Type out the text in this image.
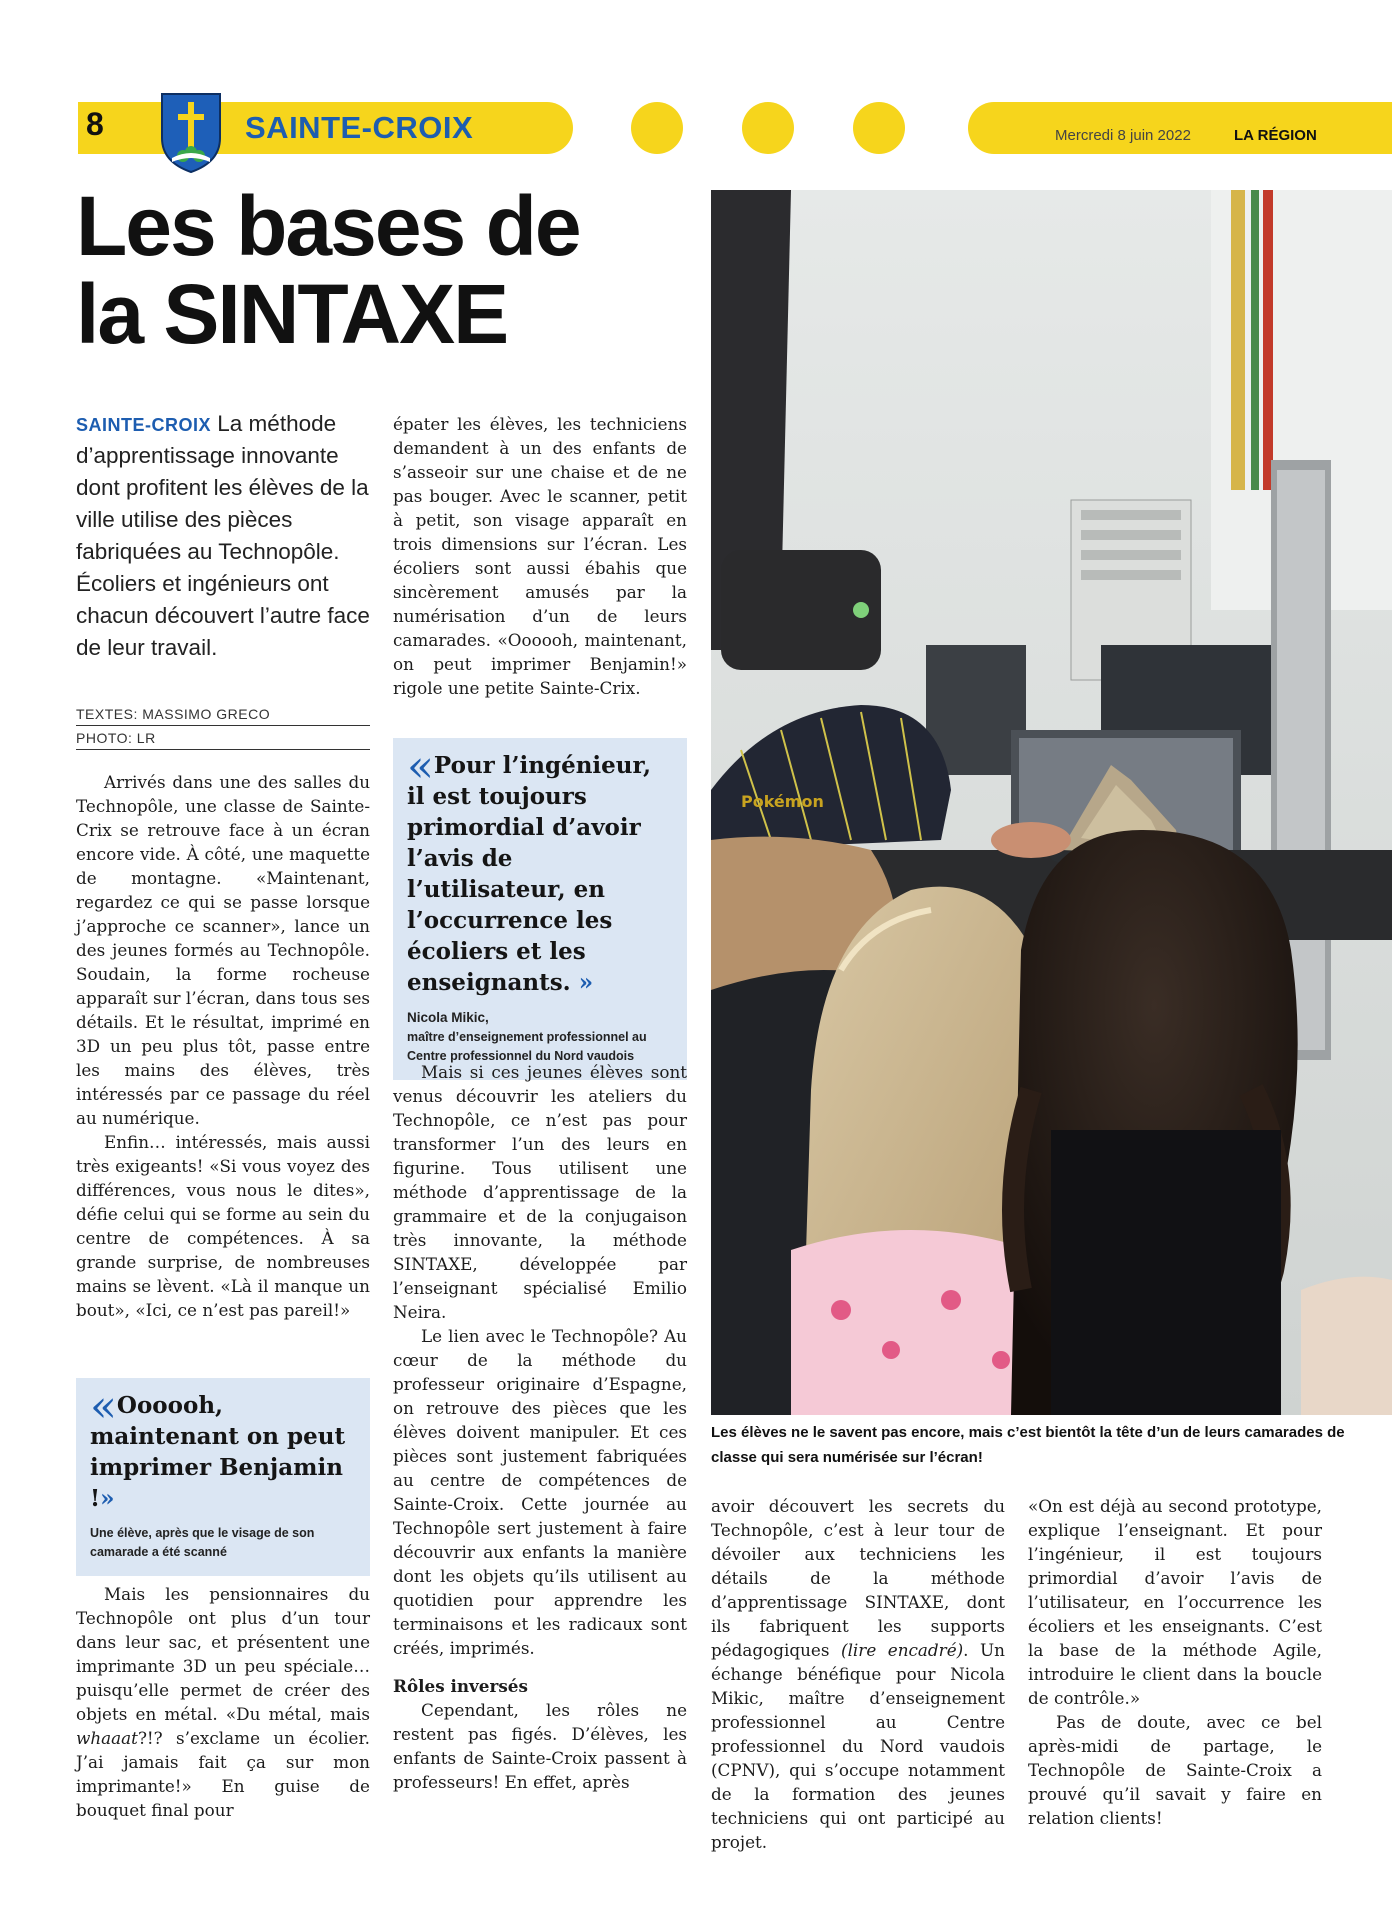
8	SAINTE-CROIX	Mercredi 8 juin 2022	LA RÉGION
Les bases de
la SINTAXE
SAINTE-CROIX La méthode d’apprentissage innovante dont profitent les élèves de la ville utilise des pièces fabriquées au Technopôle. Écoliers et ingénieurs ont chacun découvert l’autre face de leur travail.
TEXTES: MASSIMO GRECO
PHOTO: LR

Arrivés dans une des salles du Technopôle, une classe de Sainte-Crix se retrouve face à un écran encore vide. À côté, une maquette de montagne. «Maintenant, regardez ce qui se passe lorsque j’approche ce scanner», lance un des jeunes formés au Technopôle. Soudain, la forme rocheuse apparaît sur l’écran, dans tous ses détails. Et le résultat, imprimé en 3D un peu plus tôt, passe entre les mains des élèves, très intéressés par ce passage du réel au numérique.

Enfin… intéressés, mais aussi très exigeants! «Si vous voyez des différences, vous nous le dites», défie celui qui se forme au sein du centre de compétences. À sa grande surprise, de nombreuses mains se lèvent. «Là il manque un bout», «Ici, ce n’est pas pareil!»

«Oooooh, maintenant on peut imprimer Benjamin !»
Une élève, après que le visage de son camarade a été scanné

Mais les pensionnaires du Technopôle ont plus d’un tour dans leur sac, et présentent une imprimante 3D un peu spéciale… puisqu’elle permet de créer des objets en métal. «Du métal, mais whaaat?!? s’exclame un écolier. J’ai jamais fait ça sur mon imprimante!» En guise de bouquet final pour

épater les élèves, les techniciens demandent à un des enfants de s’asseoir sur une chaise et de ne pas bouger. Avec le scanner, petit à petit, son visage apparaît en trois dimensions sur l’écran. Les écoliers sont aussi ébahis que sincèrement amusés par la numérisation d’un de leurs camarades. «Oooooh, maintenant, on peut imprimer Benjamin!» rigole une petite Sainte-Crix.

«Pour l’ingénieur, il est toujours primordial d’avoir l’avis de l’utilisateur, en l’occurrence les écoliers et les enseignants. »
Nicola Mikic,
maître d’enseignement professionnel au Centre professionnel du Nord vaudois

Mais si ces jeunes élèves sont venus découvrir les ateliers du Technopôle, ce n’est pas pour transformer l’un des leurs en figurine. Tous utilisent une méthode d’apprentissage de la grammaire et de la conjugaison très innovante, la méthode SINTAXE, développée par l’enseignant spécialisé Emilio Neira.

Le lien avec le Technopôle? Au cœur de la méthode du professeur originaire d’Espagne, on retrouve des pièces que les élèves doivent manipuler. Et ces pièces sont justement fabriquées au centre de compétences de Sainte-Croix. Cette journée au Technopôle sert justement à faire découvrir aux enfants la manière dont les objets qu’ils utilisent au quotidien pour apprendre les terminaisons et les radicaux sont créés, imprimés.

Rôles inversés

Cependant, les rôles ne restent pas figés. D’élèves, les enfants de Sainte-Croix passent à professeurs! En effet, après

Pokémon
Les élèves ne le savent pas encore, mais c’est bientôt la tête d’un de leurs camarades de classe qui sera numérisée sur l’écran!

avoir découvert les secrets du Technopôle, c’est à leur tour de dévoiler aux techniciens les détails de la méthode d’apprentissage SINTAXE, dont ils fabriquent les supports pédagogiques (lire encadré). Un échange bénéfique pour Nicola Mikic, maître d’enseignement professionnel au Centre professionnel du Nord vaudois (CPNV), qui s’occupe notamment de la formation des jeunes techniciens qui ont participé au projet.

«On est déjà au second prototype, explique l’enseignant. Et pour l’ingénieur, il est toujours primordial d’avoir l’avis de l’utilisateur, en l’occurrence les écoliers et les enseignants. C’est la base de la méthode Agile, introduire le client dans la boucle de contrôle.»

Pas de doute, avec ce bel après-midi de partage, le Technopôle de Sainte-Croix a prouvé qu’il savait y faire en relation clients!
